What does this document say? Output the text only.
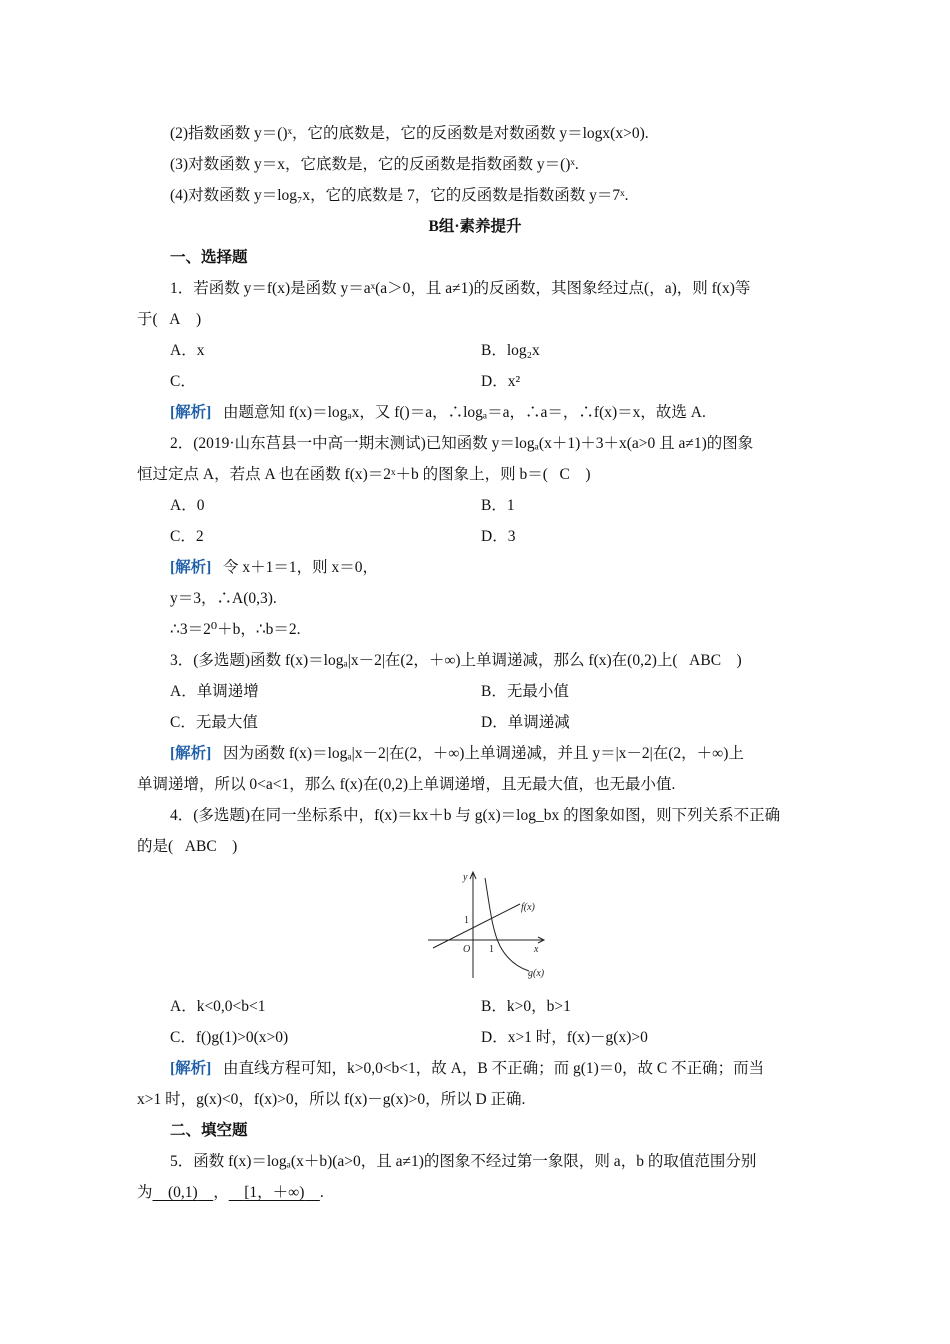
(2)指数函数 y＝()ˣ，它的底数是，它的反函数是对数函数 y＝logx(x>0).
(3)对数函数 y＝x，它底数是，它的反函数是指数函数 y＝()ˣ.
(4)对数函数 y＝log₇x，它的底数是 7，它的反函数是指数函数 y＝7ˣ.
B组·素养提升
一、选择题
1．若函数 y＝f(x)是函数 y＝aˣ(a＞0，且 a≠1)的反函数，其图象经过点(，a)，则 f(x)等
于( A )
A．x	B．log₂x
C．	D．x²
[解析] 由题意知 f(x)＝logₐx，又 f()＝a，∴logₐ＝a，∴a＝，∴f(x)＝x，故选 A.
2．(2019·山东莒县一中高一期末测试)已知函数 y＝logₐ(x＋1)＋3＋x(a>0 且 a≠1)的图象
恒过定点 A，若点 A 也在函数 f(x)＝2ˣ＋b 的图象上，则 b＝( C )
A．0	B．1
C．2	D．3
[解析] 令 x＋1＝1，则 x＝0，
y＝3，∴A(0,3).
∴3＝2⁰＋b，∴b＝2.
3．(多选题)函数 f(x)＝logₐ|x－2|在(2，＋∞)上单调递减，那么 f(x)在(0,2)上( ABC )
A．单调递增	B．无最小值
C．无最大值	D．单调递减
[解析] 因为函数 f(x)＝logₐ|x－2|在(2，＋∞)上单调递减，并且 y＝|x－2|在(2，＋∞)上
单调递增，所以 0<a<1，那么 f(x)在(0,2)上单调递增，且无最大值，也无最小值.
4．(多选题)在同一坐标系中，f(x)＝kx＋b 与 g(x)＝log_bx 的图象如图，则下列关系不正确
的是( ABC )
y
x
O
f(x)
g(x)
1
1
A．k<0,0<b<1	B．k>0，b>1
C．f()g(1)>0(x>0)	D．x>1 时，f(x)－g(x)>0
[解析] 由直线方程可知，k>0,0<b<1，故 A，B 不正确；而 g(1)＝0，故 C 不正确；而当
x>1 时，g(x)<0，f(x)>0，所以 f(x)－g(x)>0，所以 D 正确.
二、填空题
5．函数 f(x)＝logₐ(x＋b)(a>0，且 a≠1)的图象不经过第一象限，则 a，b 的取值范围分别
为 (0,1) ， [1，＋∞) .
